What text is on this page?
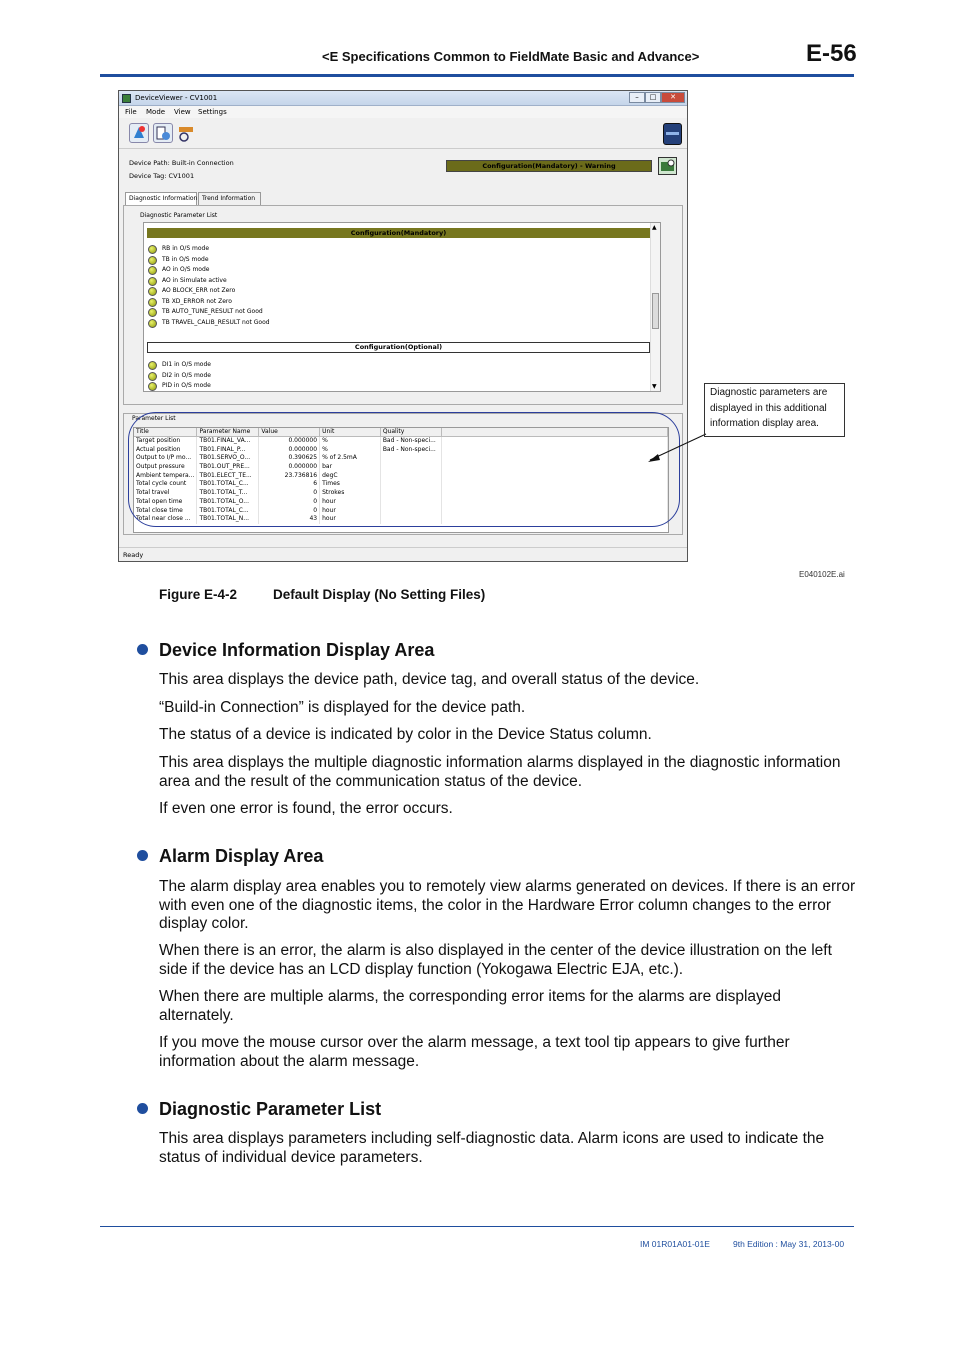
<E Specifications Common to FieldMate Basic and Advance>	E-56
DeviceViewer - CV1001	–	□	✕
File Mode View Settings
Device Path: Built-in Connection
Device Tag: CV1001
Configuration(Mandatory) - Warning
Diagnostic Information Trend Information
Diagnostic Parameter List
Configuration(Mandatory)
RB in O/S mode
TB in O/S mode
AO in O/S mode
AO in Simulate active
AO BLOCK_ERR not Zero
TB XD_ERROR not Zero
TB AUTO_TUNE_RESULT not Good
TB TRAVEL_CALIB_RESULT not Good
Configuration(Optional)
DI1 in O/S mode
DI2 in O/S mode
PID in O/S mode
▲
▼
Parameter List
Title	Parameter Name	Value	Unit	Quality	
Target position	TB01.FINAL_VA...	0.000000	%	Bad - Non-speci...	
Actual position	TB01.FINAL_P...	0.000000	%	Bad - Non-speci...	
Output to I/P mo...	TB01.SERVO_O...	0.390625	% of 2.5mA		
Output pressure	TB01.OUT_PRE...	0.000000	bar		
Ambient tempera...	TB01.ELECT_TE...	23.736816	degC		
Total cycle count	TB01.TOTAL_C...	6	Times		
Total travel	TB01.TOTAL_T...	0	Strokes		
Total open time	TB01.TOTAL_O...	0	hour		
Total close time	TB01.TOTAL_C...	0	hour		
Total near close ...	TB01.TOTAL_N...	43	hour		
Ready
Diagnostic parameters are displayed in this additional information display area.
E040102E.ai
Figure E-4-2	Default Display (No Setting Files)
Device Information Display Area
This area displays the device path, device tag, and overall status of the device.
“Build-in Connection” is displayed for the device path.
The status of a device is indicated by color in the Device Status column.
This area displays the multiple diagnostic information alarms displayed in the diagnostic information area and the result of the communication status of the device.
If even one error is found, the error occurs.
Alarm Display Area
The alarm display area enables you to remotely view alarms generated on devices. If there is an error with even one of the diagnostic items, the color in the Hardware Error column changes to the error display color.
When there is an error, the alarm is also displayed in the center of the device illustration on the left side if the device has an LCD display function (Yokogawa Electric EJA, etc.).
When there are multiple alarms, the corresponding error items for the alarms are displayed alternately.
If you move the mouse cursor over the alarm message, a text tool tip appears to give further information about the alarm message.
Diagnostic Parameter List
This area displays parameters including self-diagnostic data. Alarm icons are used to indicate the status of individual device parameters.
IM 01R01A01-01E	9th Edition : May 31, 2013-00
